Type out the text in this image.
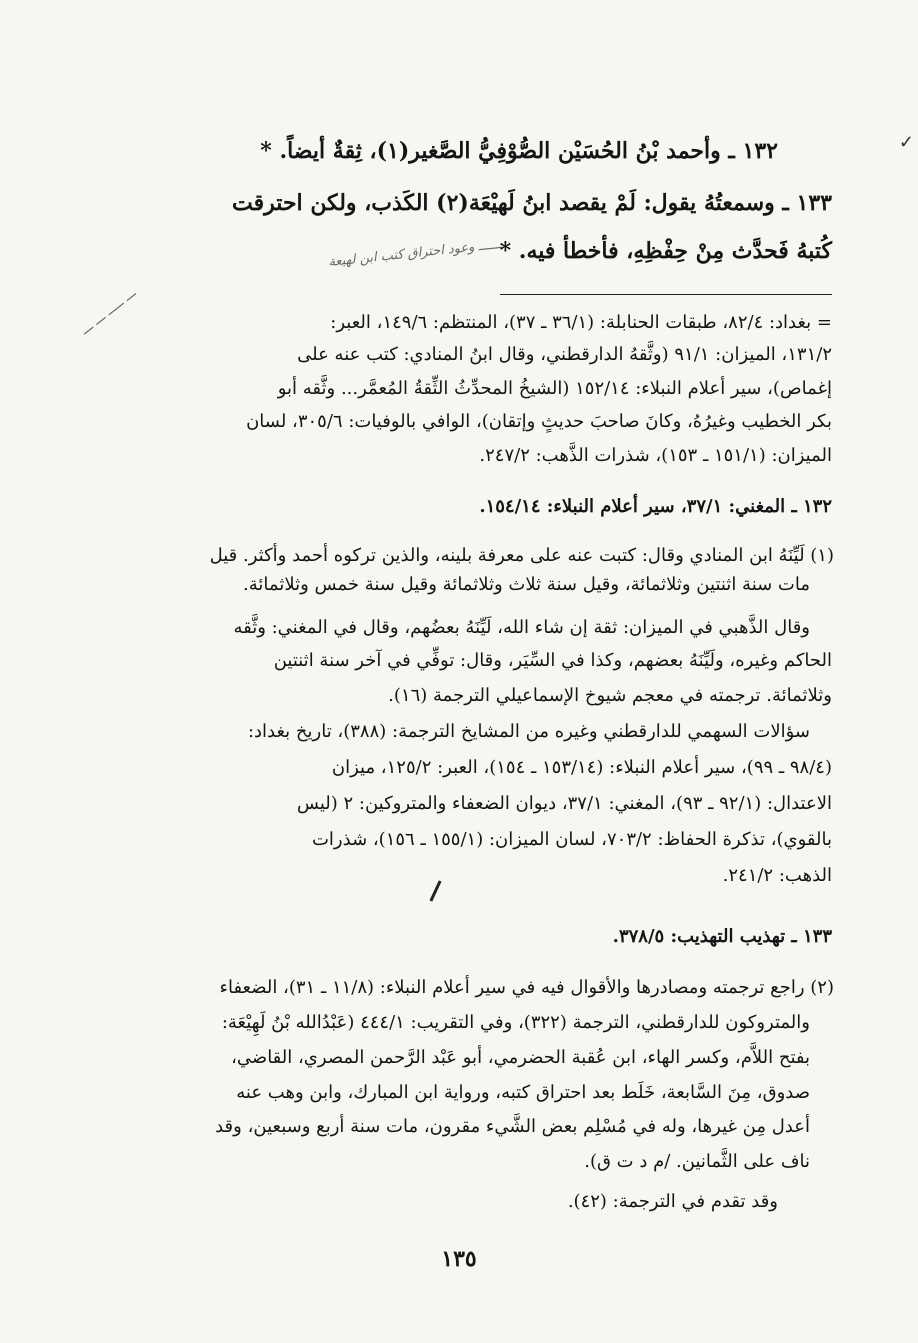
✓
١٣٢ ـ وأحمد بْنُ الحُسَيْن الصُّوْفِيُّ الصَّغير(١)، ثِقةٌ أيضاً. *
١٣٣ ـ وسمعتُهُ يقول: لَمْ يقصد ابنُ لَهيْعَة(٢) الكَذب، ولكن احترقت
كُتبهُ فَحدَّث مِنْ حِفْظِهِ، فأخطأ فيه. *
ــــــ وعود احتراق كتب ابن لهيعة
ـــ ـــــ ـــ ـــ	= بغداد: ٨٢/٤، طبقات الحنابلة: (٣٦/١ ـ ٣٧)، المنتظم: ١٤٩/٦، العبر:
١٣١/٢، الميزان: ٩١/١ (وثَّقهُ الدارقطني، وقال ابنُ المنادي: كتب عنه على
إغماص)، سير أعلام النبلاء: ١٥٢/١٤ (الشيخُ المحدِّثُ الثِّقةُ المُعمَّر... وثَّقه أبو
بكر الخطيب وغيرُهُ، وكانَ صاحبَ حديثٍ وإتقان)، الوافي بالوفيات: ٣٠٥/٦، لسان
الميزان: (١٥١/١ ـ ١٥٣)، شذرات الذَّهب: ٢٤٧/٢.
١٣٢ ـ المغني: ٣٧/١، سير أعلام النبلاء: ١٥٤/١٤.
(١) لَيِّنَهُ ابن المنادي وقال: كتبت عنه على معرفة بلينه، والذين تركوه أحمد وأكثر. قيل
مات سنة اثنتين وثلاثمائة، وقيل سنة ثلاث وثلاثمائة وقيل سنة خمس وثلاثمائة.
وقال الذَّهبي في الميزان: ثقة إن شاء الله، لَيِّنَهُ بعضُهم، وقال في المغني: وثَّقه
الحاكم وغيره، ولَيِّنَهُ بعضهم، وكذا في السِّيَر، وقال: توفِّي في آخر سنة اثنتين
وثلاثمائة. ترجمته في معجم شيوخ الإسماعيلي الترجمة (١٦).
سؤالات السهمي للدارقطني وغيره من المشايخ الترجمة: (٣٨٨)، تاريخ بغداد:
(٩٨/٤ ـ ٩٩)، سير أعلام النبلاء: (١٥٣/١٤ ـ ١٥٤)، العبر: ١٢٥/٢، ميزان
الاعتدال: (٩٢/١ ـ ٩٣)، المغني: ٣٧/١، ديوان الضعفاء والمتروكين: ٢ (ليس
بالقوي)، تذكرة الحفاظ: ٧٠٣/٢، لسان الميزان: (١٥٥/١ ـ ١٥٦)، شذرات
الذهب: ٢٤١/٢.
١٣٣ ـ تهذيب التهذيب: ٣٧٨/٥.
(٢) راجع ترجمته ومصادرها والأقوال فيه في سير أعلام النبلاء: (١١/٨ ـ ٣١)، الضعفاء
والمتروكون للدارقطني، الترجمة (٣٢٢)، وفي التقريب: ٤٤٤/١ (عَبْدُالله بْنُ لَهِيْعَة:
بفتح اللاَّم، وكسر الهاء، ابن عُقبة الحضرمي، أبو عَبْد الرَّحمن المصري، القاضي،
صدوق، مِنَ السَّابعة، خَلَط بعد احتراق كتبه، ورواية ابن المبارك، وابن وهب عنه
أعدل مِن غيرها، وله في مُسْلِم بعض الشَّيء مقرون، مات سنة أربع وسبعين، وقد
ناف على الثَّمانين. /م د ت ق).
وقد تقدم في الترجمة: (٤٢).
١٣٥
